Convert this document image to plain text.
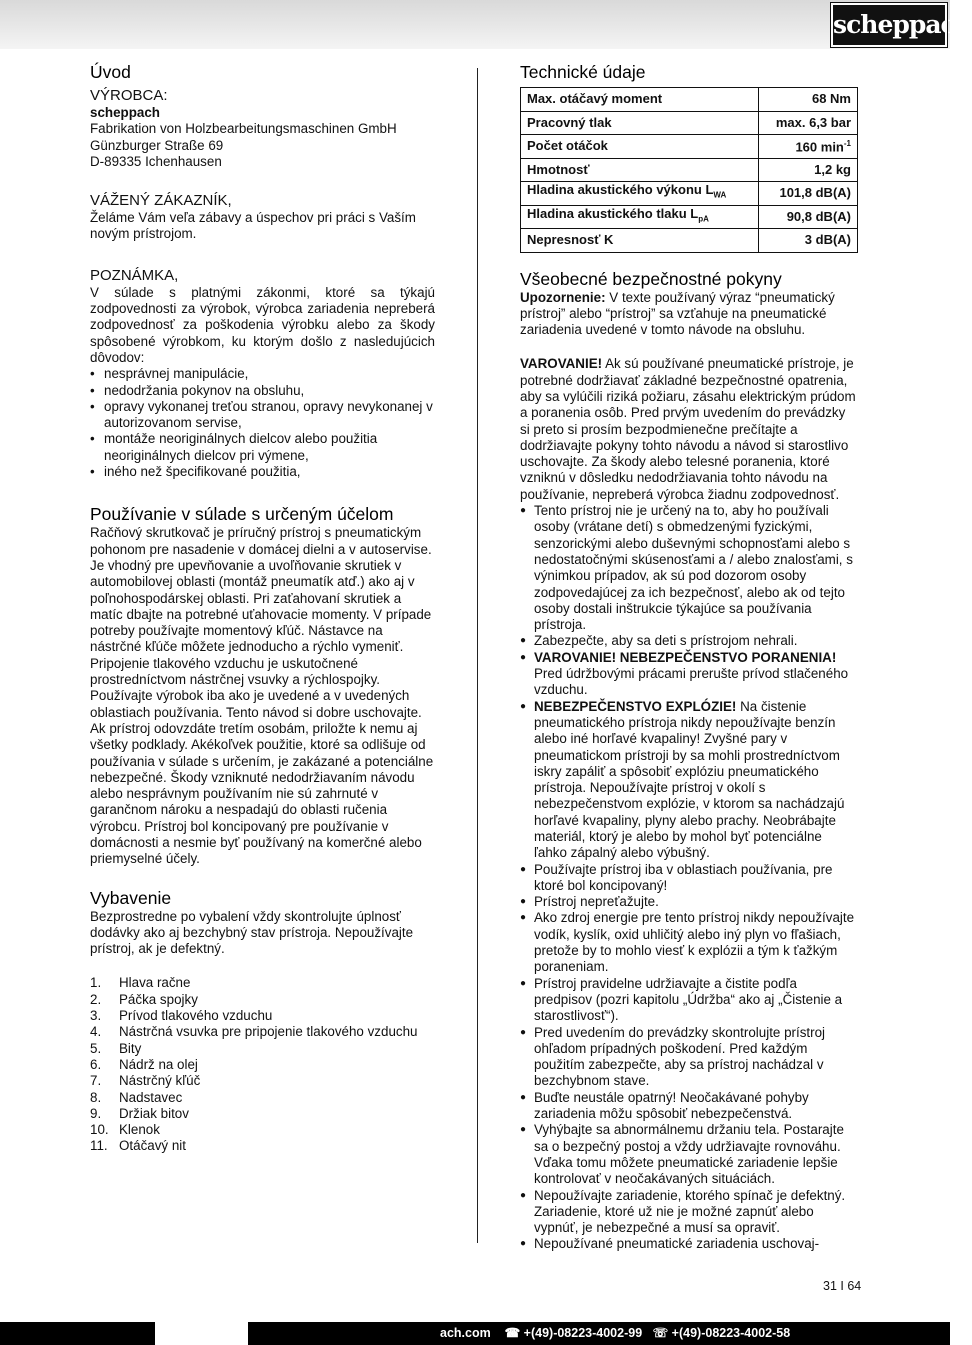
scheppach
Úvod
VÝROBCA:
scheppach
Fabrikation von Holzbearbeitungsmaschinen GmbH
Günzburger Straße 69
D-89335 Ichenhausen
VÁŽENÝ ZÁKAZNÍK,

Želáme Vám veľa zábavy a úspechov pri práci s Vaším novým prístrojom.

POZNÁMKA,

V súlade s platnými zákonmi, ktoré sa týkajú zodpovednosti za výrobok, výrobca zariadenia nepreberá zodpovednosť za poškodenia výrobku alebo za škody spôsobené výrobkom, ku ktorým došlo z nasledujúcich dôvodov:

• nesprávnej manipulácie,
• nedodržania pokynov na obsluhu,
• opravy vykonanej treťou stranou, opravy nevykonanej v autorizovanom servise,
• montáže neoriginálnych dielcov alebo použitia neoriginálnych dielcov pri výmene,
• iného než špecifikované použitia,
Používanie v súlade s určeným účelom

Račňový skrutkovač je príručný prístroj s pneumatickým pohonom pre nasadenie v domácej dielni a v autoservise. Je vhodný pre upevňovanie a uvoľňovanie skrutiek v automobilovej oblasti (montáž pneumatík atď.) ako aj v poľnohospodárskej oblasti. Pri zaťahovaní skrutiek a matíc dbajte na potrebné uťahovacie momenty. V prípade potreby používajte momentový kľúč. Nástavce na nástrčné kľúče môžete jednoducho a rýchlo vymeniť. Pripojenie tlakového vzduchu je uskutočnené prostredníctvom nástrčnej vsuvky a rýchlospojky. Používajte výrobok iba ako je uvedené a v uvedených oblastiach používania. Tento návod si dobre uschovajte. Ak prístroj odovzdáte tretím osobám, priložte k nemu aj všetky podklady. Akékoľvek použitie, ktoré sa odlišuje od používania v súlade s určením, je zakázané a potenciálne nebezpečné. Škody vzniknuté nedodržiavaním návodu alebo nesprávnym používaním nie sú zahrnuté v garančnom nároku a nespadajú do oblasti ručenia výrobcu. Prístroj bol koncipovaný pre používanie v domácnosti a nesmie byť používaný na komerčné alebo priemyselné účely.

Vybavenie

Bezprostredne po vybalení vždy skontrolujte úplnosť dodávky ako aj bezchybný stav prístroja. Nepoužívajte prístroj, ak je defektný.

1.	Hlava račne
2.	Páčka spojky
3.	Prívod tlakového vzduchu
4.	Nástrčná vsuvka pre pripojenie tlakového vzduchu
5.	Bity
6.	Nádrž na olej
7.	Nástrčný kľúč
8.	Nadstavec
9.	Držiak bitov
10. Klenok
11. Otáčavý nit
Technické údaje
Max. otáčavý moment	68 Nm
Pracovný tlak	max. 6,3 bar
Počet otáčok	160 $\min^{-1}$
Hmotnosť	1,2 kg
Hladina akustického výkonu $L_{WA}$	101,8 dB(A)
Hladina akustického tlaku $L_{pA}$	90,8 dB(A)
Nepresnosť K	3 dB(A)
Všeobecné bezpečnostné pokyny

Upozornenie: V texte používaný výraz “pneumatický prístroj” alebo “prístroj” sa vzťahuje na pneumatické zariadenia uvedené v tomto návode na obsluhu.

VAROVANIE! Ak sú používané pneumatické prístroje, je potrebné dodržiavať základné bezpečnostné opatrenia, aby sa vylúčili riziká požiaru, zásahu elektrickým prúdom a poranenia osôb. Pred prvým uvedením do prevádzky si preto si prosím bezpodmienečne prečítajte a dodržiavajte pokyny tohto návodu a návod si starostlivo uschovajte. Za škody alebo telesné poranenia, ktoré vzniknú v dôsledku nedodržiavania tohto návodu na používanie, nepreberá výrobca žiadnu zodpovednosť.

● Tento prístroj nie je určený na to, aby ho používali osoby (vrátane detí) s obmedzenými fyzickými, senzorickými alebo duševnými schopnosťami alebo s nedostatočnými skúsenosťami a / alebo znalosťami, s výnimkou prípadov, ak sú pod dozorom osoby zodpovedajúcej za ich bezpečnosť, alebo ak od tejto osoby dostali inštrukcie týkajúce sa používania prístroja.
● Zabezpečte, aby sa deti s prístrojom nehrali.
● VAROVANIE! NEBEZPEČENSTVO PORANENIA! Pred údržbovými prácami prerušte prívod stlačeného vzduchu.
● NEBEZPEČENSTVO EXPLÓZIE! Na čistenie pneumatického prístroja nikdy nepoužívajte benzín alebo iné horľavé kvapaliny! Zvyšné pary v pneumatickom prístroji by sa mohli prostredníctvom iskry zapáliť a spôsobiť explóziu pneumatického prístroja. Nepoužívajte prístroj v okolí s nebezpečenstvom explózie, v ktorom sa nachádzajú horľavé kvapaliny, plyny alebo prachy. Neobrábajte materiál, ktorý je alebo by mohol byť potenciálne ľahko zápalný alebo výbušný.
● Používajte prístroj iba v oblastiach používania, pre ktoré bol koncipovaný!
● Prístroj nepreťažujte.
● Ako zdroj energie pre tento prístroj nikdy nepoužívajte vodík, kyslík, oxid uhličitý alebo iný plyn vo fľašiach, pretože by to mohlo viesť k explózii a tým k ťažkým poraneniam.
● Prístroj pravidelne udržiavajte a čistite podľa predpisov (pozri kapitolu „Údržba“ ako aj „Čistenie a starostlivosť“).
● Pred uvedením do prevádzky skontrolujte prístroj ohľadom prípadných poškodení. Pred každým použitím zabezpečte, aby sa prístroj nachádzal v bezchybnom stave.
● Buďte neustále opatrný! Neočakávané pohyby zariadenia môžu spôsobiť nebezpečenstvá.
● Vyhýbajte sa abnormálnemu držaniu tela. Postarajte sa o bezpečný postoj a vždy udržiavajte rovnováhu. Vďaka tomu môžete pneumatické zariadenie lepšie kontrolovať v neočakávaných situáciách.
● Nepoužívajte zariadenie, ktorého spínač je defektný. Zariadenie, ktoré už nie je možné zapnúť alebo vypnúť, je nebezpečné a musí sa opraviť.
● Nepoužívané pneumatické zariadenia uschovaj-
31 I 64
ach.com ☎ +(49)-08223-4002-99 ☏ +(49)-08223-4002-58
